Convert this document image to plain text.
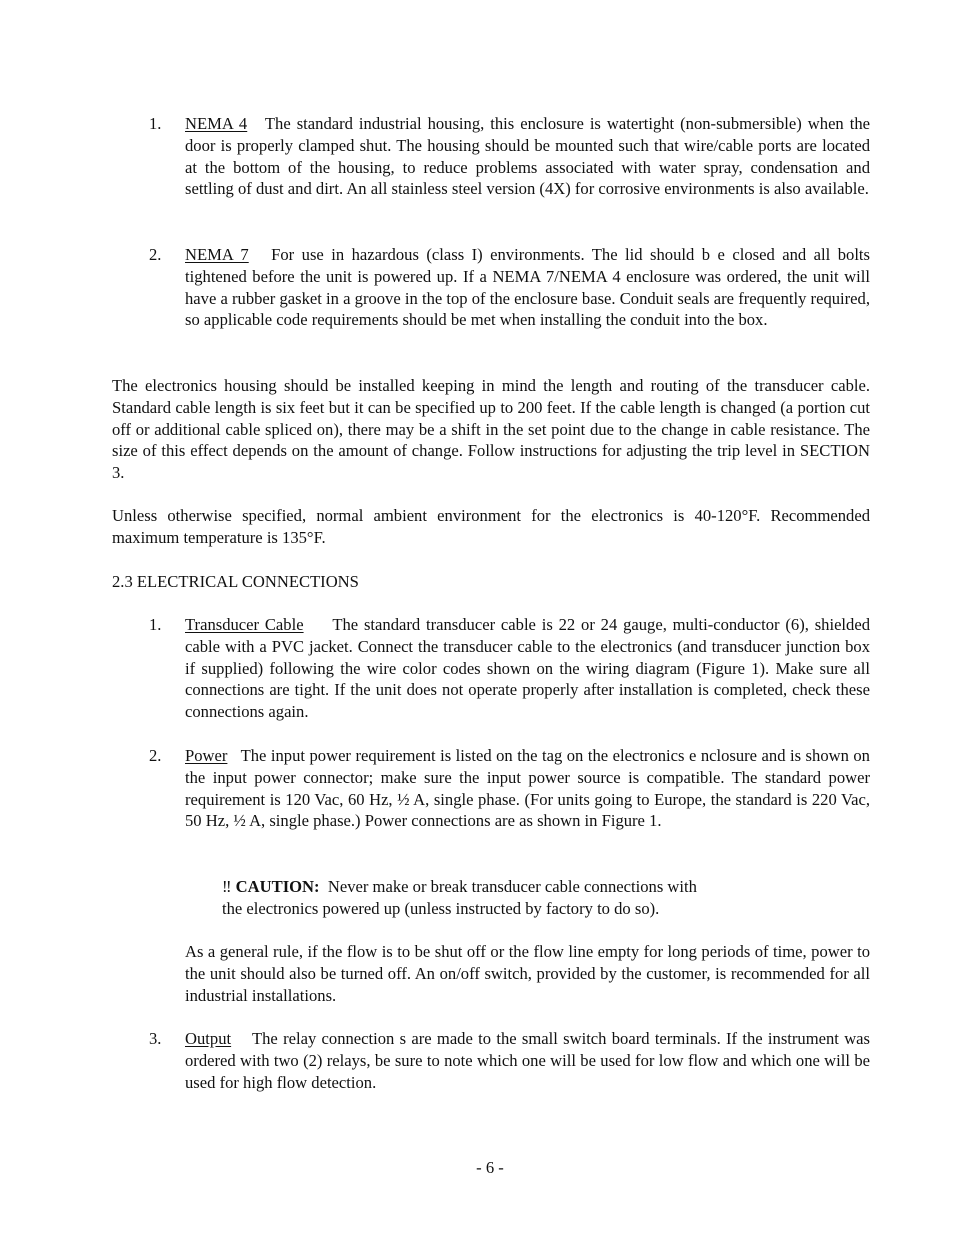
1. NEMA 4 The standard industrial housing, this enclosure is watertight (non-submersible) when the door is properly clamped shut. The housing should be mounted such that wire/cable ports are located at the bottom of the housing, to reduce problems associated with water spray, condensation and settling of dust and dirt. An all stainless steel version (4X) for corrosive environments is also available.
2. NEMA 7 For use in hazardous (class I) environments. The lid should b e closed and all bolts tightened before the unit is powered up. If a NEMA 7/NEMA 4 enclosure was ordered, the unit will have a rubber gasket in a groove in the top of the enclosure base. Conduit seals are frequently required, so applicable code requirements should be met when installing the conduit into the box.

The electronics housing should be installed keeping in mind the length and routing of the transducer cable. Standard cable length is six feet but it can be specified up to 200 feet. If the cable length is changed (a portion cut off or additional cable spliced on), there may be a shift in the set point due to the change in cable resistance. The size of this effect depends on the amount of change. Follow instructions for adjusting the trip level in SECTION 3.

Unless otherwise specified, normal ambient environment for the electronics is 40-120°F. Recommended maximum temperature is 135°F.

2.3 ELECTRICAL CONNECTIONS
1. Transducer Cable The standard transducer cable is 22 or 24 gauge, multi-conductor (6), shielded cable with a PVC jacket. Connect the transducer cable to the electronics (and transducer junction box if supplied) following the wire color codes shown on the wiring diagram (Figure 1). Make sure all connections are tight. If the unit does not operate properly after installation is completed, check these connections again.
2. Power The input power requirement is listed on the tag on the electronics e nclosure and is shown on the input power connector; make sure the input power source is compatible. The standard power requirement is 120 Vac, 60 Hz, ½ A, single phase. (For units going to Europe, the standard is 220 Vac, 50 Hz, ½ A, single phase.) Power connections are as shown in Figure 1.
‼ CAUTION: Never make or break transducer cable connections with
the electronics powered up (unless instructed by factory to do so).

As a general rule, if the flow is to be shut off or the flow line empty for long periods of time, power to the unit should also be turned off. An on/off switch, provided by the customer, is recommended for all industrial installations.

3. Output The relay connection s are made to the small switch board terminals. If the instrument was ordered with two (2) relays, be sure to note which one will be used for low flow and which one will be used for high flow detection.
- 6 -
